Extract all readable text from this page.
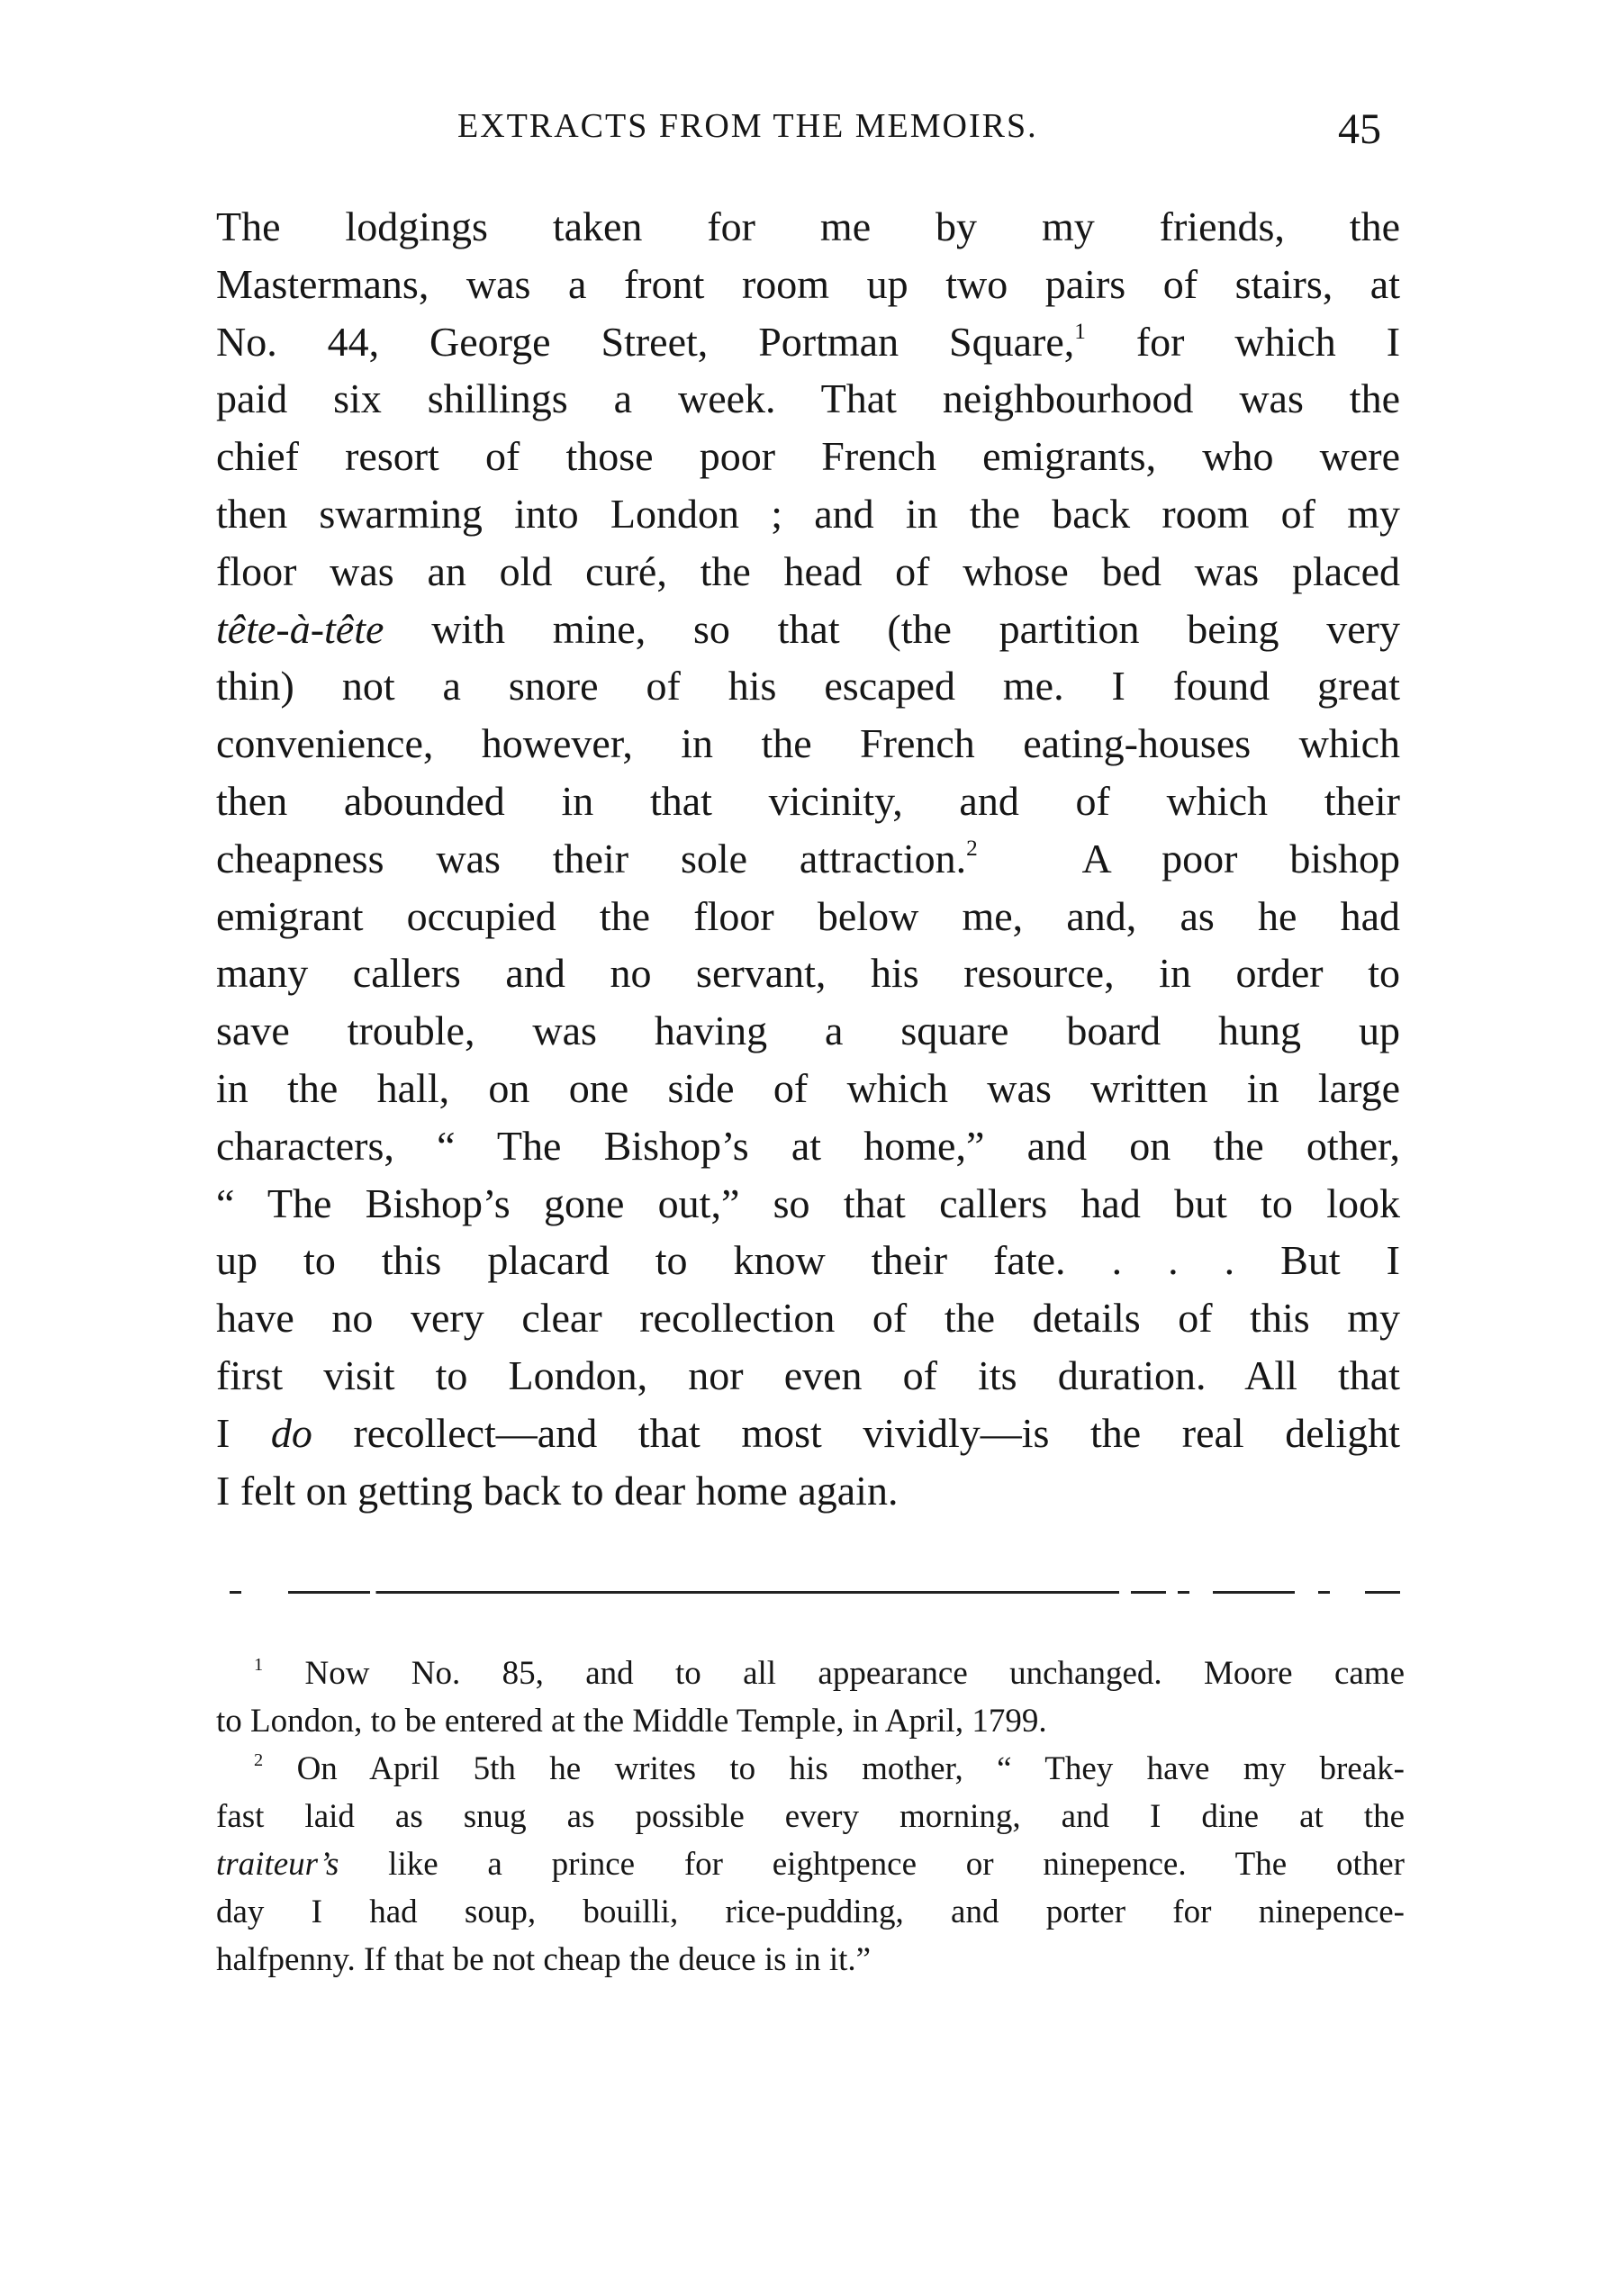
EXTRACTS FROM THE MEMOIRS.	45
The lodgings taken for me by my friends, the
Mastermans, was a front room up two pairs of stairs, at
No. 44, George Street, Portman Square,$^1$ for which I
paid six shillings a week. That neighbourhood was the
chief resort of those poor French emigrants, who were
then swarming into London ; and in the back room of my
floor was an old curé, the head of whose bed was placed
tête-à-tête with mine, so that (the partition being very
thin) not a snore of his escaped me. I found great
convenience, however, in the French eating-houses which
then abounded in that vicinity, and of which their
cheapness was their sole attraction.$^2$	A poor bishop
emigrant occupied the floor below me, and, as he had
many callers and no servant, his resource, in order to
save trouble, was having a square board hung up
in the hall, on one side of which was written in large
characters, “ The Bishop’s at home,” and on the other,
“ The Bishop’s gone out,” so that callers had but to look
up to this placard to know their fate. . . . But I
have no very clear recollection of the details of this my
first visit to London, nor even of its duration. All that
I do recollect—and that most vividly—is the real delight
I felt on getting back to dear home again.
$^1$ Now No. 85, and to all appearance unchanged. Moore came
to London, to be entered at the Middle Temple, in April, 1799.
$^2$ On April 5th he writes to his mother, “ They have my break-
fast laid as snug as possible every morning, and I dine at the
traiteur’s like a prince for eightpence or ninepence. The other
day I had soup, bouilli, rice-pudding, and porter for ninepence-
halfpenny. If that be not cheap the deuce is in it.”
